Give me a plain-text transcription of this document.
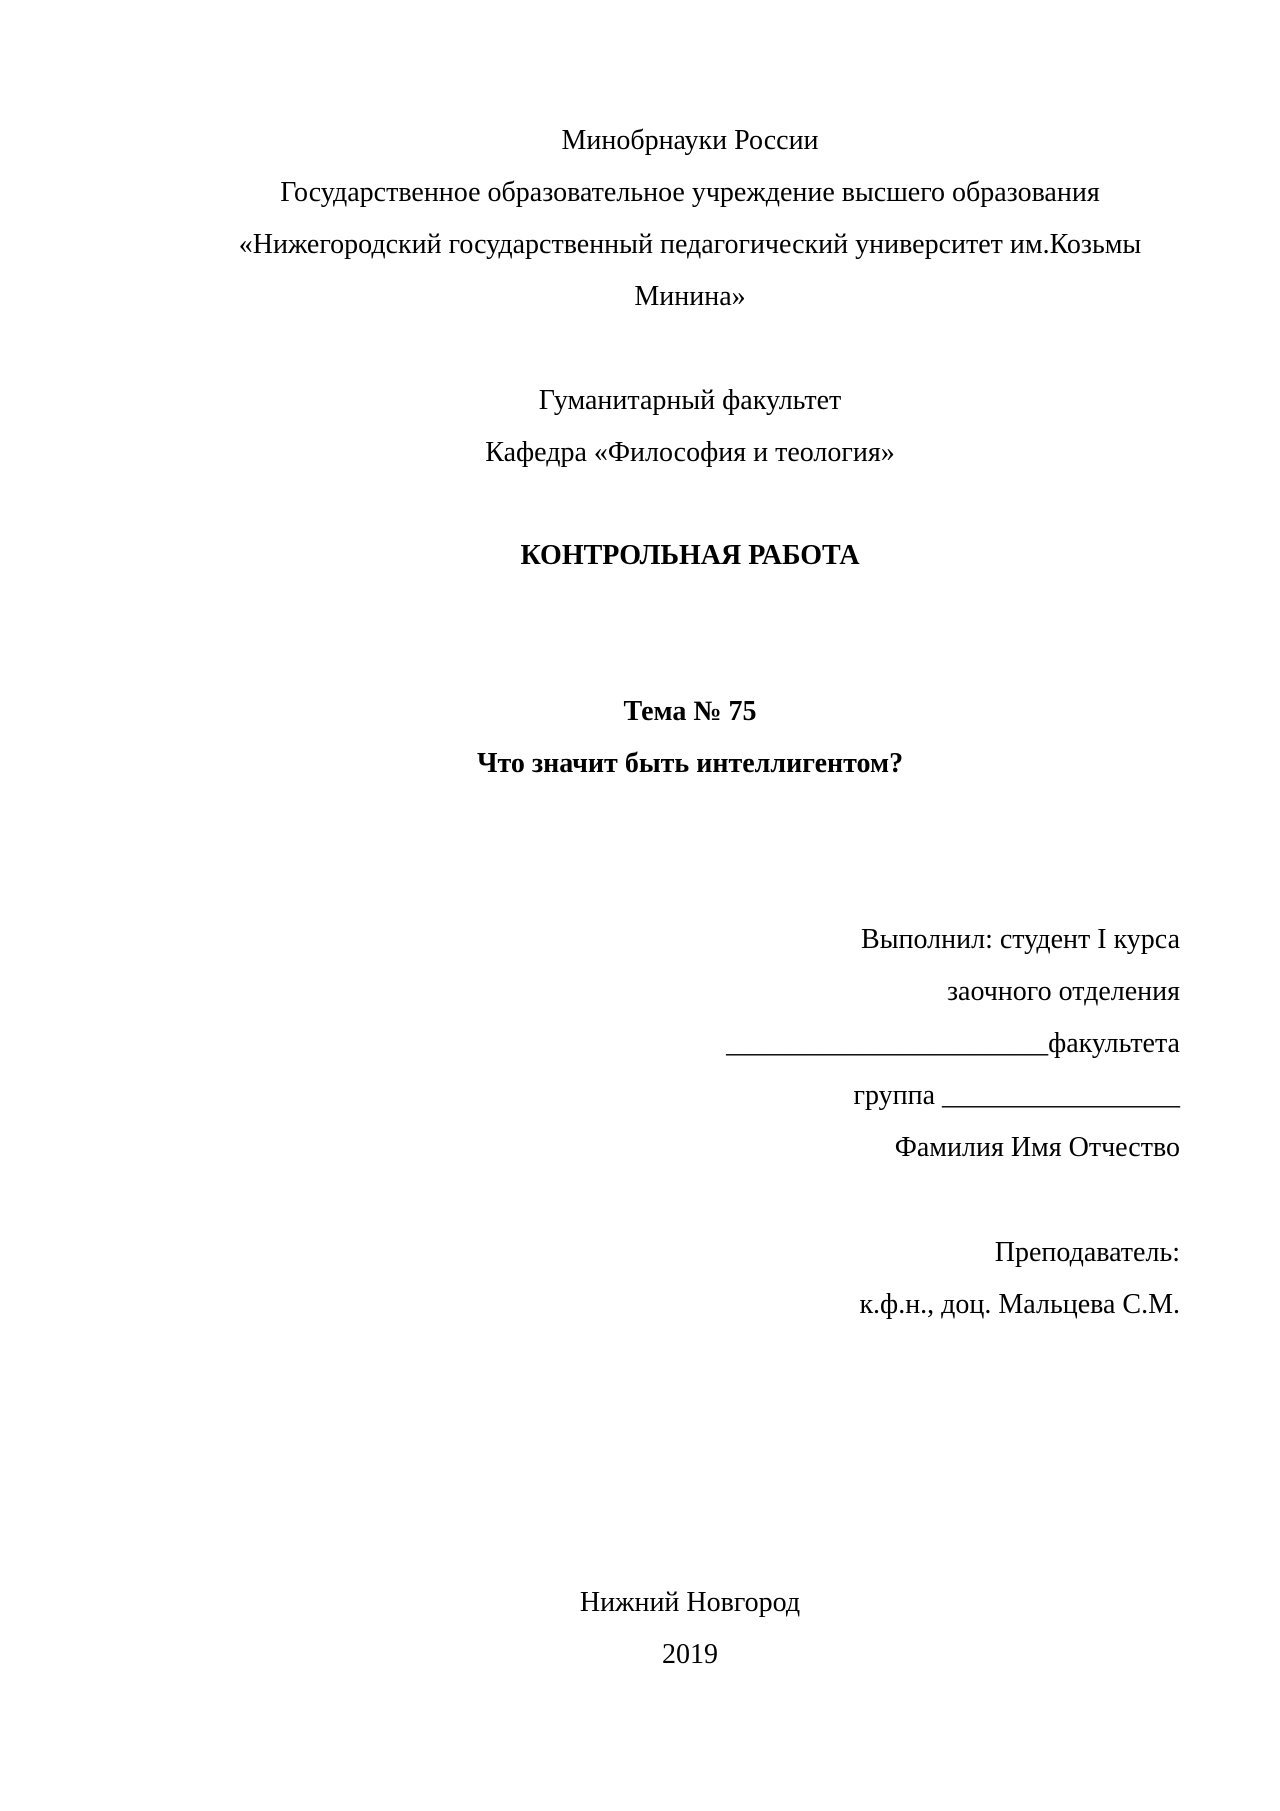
Минобрнауки России
Государственное образовательное учреждение высшего образования
«Нижегородский государственный педагогический университет им.Козьмы
Минина»
Гуманитарный факультет
Кафедра «Философия и теология»
КОНТРОЛЬНАЯ РАБОТА
Тема № 75
Что значит быть интеллигентом?
Выполнил: студент I курса
заочного отделения
_______________________факультета
группа _________________
Фамилия Имя Отчество
Преподаватель:
к.ф.н., доц. Мальцева С.М.
Нижний Новгород
2019
